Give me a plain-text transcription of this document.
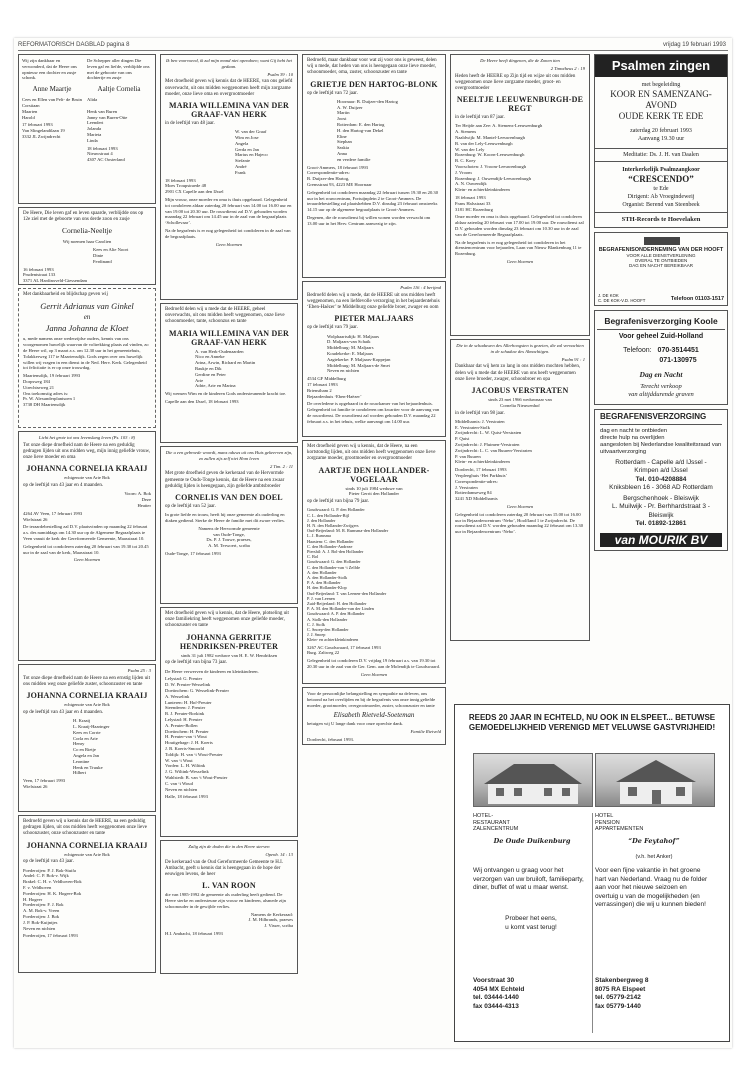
REFORMATORISCH DAGBLAD pagina 8	vrijdag 19 februari 1993

Wij zijn dankbaar en verwonderd, dat de Heere ons opnieuw een dochter en zusje schonk.

Anne Maartje

Cees en Ellen van Pelt- de Bruin
Corstiaan
Maarten
Harold

17 februari 1993
Van Slingelandtlaan 19
3332 JL Zwijndrecht

De Schepper aller dingen Die leven gaf en liefde, verblijdde ons met de geboorte van ons dochtertje en zusje

Aaltje Cornelia

Alida

Henk van Buren
Janny van Buren-Otte
Leendert
Jolanda
Marieta
Linda

18 februari 1993
Nieuwstraat 4
4307 AC Oosterland

De Heere, Die leven gaf en leven spaarde, verblijdde ons op 12e ziel met de geboorte van ons derde zoon en zusje

Cornelia-Neeltje

Wij noemen haar Carolien

Kees en Alie Noort
Dinie
Ferdinand

16 februari 1993
Prudentstraat 133
3371 AL Hardinxveld-Giessendam

Met dankbaarheid en blijdschap geven wij

Gerrit Adrianus van Ginkel
en
Janna Johanna de Kloet

u, mede namens onze wederzijdse ouders, kennis van ons voorgenomen huwelijk waarvan de voltrekking plaats zal vinden, zo de Heere wil, op 3 maart a.s. om 12.30 uur in het gemeentehuis, Tolakkerweg 117 te Maartensdijk. Gods zegen over ons huwelijk willen wij vragen in een dienst in de Ned. Herv. Kerk. Gelegenheid tot felicitatie is er op onze trouwdag.

Maartensdijk, 19 februari 1993
Dorpsweg 184
Utrechtseweg 21
Ons toekomstig adres is:
Pr. W. Alexanderplantsoen 1
3738 DH Maartensdijk

Licht het grote tot ons levenslang leven (Ps. 103 : 8)

Tot onze diepe droefheid nam de Heere na een geduldig gedragen lijden uit ons midden weg, mijn innig geliefde vrouw, onze lieve moeder en oma

JOHANNA CORNELIA KRAAIJ

echtgenote van Arie Bok

op de leeftijd van 43 jaar en 4 maanden.

Voorn: A. Bok
Deze
Heatter

4264 AV Veen, 17 februari 1993
Wielstraat 26

De teraardebestelling zal D.V. plaatsvinden op maandag 22 februari a.s. des namiddags om 14.30 uur op de Algemene Begraafplaats te Veen vanuit de kerk der Gereformeerde Gemeente, Maasstraat 10.

Gelegenheid tot condoleren zaterdag 20 februari van 19.30 tot 20.45 uur in de zaal van de kerk, Maasstraat 10.

Geen bloemen

Psalm 25 : 3

Tot onze diepe droefheid nam de Heere na een ernstig lijden uit ons midden weg onze geliefde zuster, schoonzuster en tante

JOHANNA CORNELIA KRAAIJ

echtgenote van Arie Bok

op de leeftijd van 43 jaar en 4 maanden.

H. Kraaij
L. Kraaij-Haaringer
Kees en Corrie
Corla en Arie
Henry
Co en Rietje
Angela en Jan
Leontine
Henk en Truuke
Hilbert

Veen, 17 februari 1993
Wielstraat 26

Bedroefd geven wij u kennis dat de HEERE, na een geduldig gedragen lijden, uit ons midden heeft weggenomen onze lieve schoonzuster, onze schoonzuster en tante

JOHANNA CORNELIA KRAAIJ

echtgenote van Arie Bok

op de leeftijd van 43 jaar.

Poederoijen: P. J. Bok-Stuifa
Andel: C. P. Bok-v. Wijk
Brakel: C. H. v. Veldhoven-Bok
F. v. Veldhoven
Poederoijen: H. K. Hogeer-Bok
H. Hogeer
Poederoijen: F. J. Bok
A. M. Bok-v. Vreen
Poederoijen: J. Bok
J. P. Bok-Kuijntjes
Neven en nichten

Poederoijen, 17 februari 1993

Ik ben voorvoeed, ik zal mijn mond niet opendoen; want Gij hebt het gedaan.

Psalm 39 : 10

Met droefheid geven wij kennis dat de HEERE, van ons geliefd onverwacht, uit ons midden weggenomen heeft mijn zorgzame moeder, onze lieve oma en overgrootmoeder

MARIA WILLEMINA VAN DER GRAAF-VAN HERK

in de leeftijd van 48 jaar.

W. van der Graaf
Wim en Jose
Angela
Gerda en Jan
Marius en Hajeco
Stefanie
André
Frank

18 februari 1993
Moes Troupstraede 48
2901 CX Capelle aan den IJssel

Mijn vrouw, onze moeder en oma is thuis opgebaard. Gelegenheid tot condoleren aldaar zaterdag 20 februari van 14.00 tot 16.00 uur en van 19.00 tot 20.30 uur. De rouwdienst zal D.V. gehouden worden maandag 22 februari om 14.45 uur in de zaal van de begraafplaats ‘Schollevaar’.

Na de begrafenis is er nog gelegenheid tot condoleren in de zaal van de begraafplaats.

Geen bloemen

Bedroefd delen wij u mede dat de HEERE, geheel onverwachts, uit ons midden heeft weggenomen, onze lieve schoonmoeder, tante, schoonzus en tante

MARIA WILLEMINA VAN DER GRAAF-VAN HERK

A. van Herk-Oudenaarden
Nico en Anneke
Arina, Arwin, Richard en Martin
Baukje en Dik
Gerdine en Peter
Arie
Adrie, Arie en Marina

Wij wensen Wim en de kinderen Gods ondersteunende kracht toe.

Capelle aan den IJssel, 18 februari 1993

Die u een gebroede woordt, mans oduws uit ons Huis gekeerven zijn, zo zullen zijs zelf niet Hom leven

2 Tim. 2 : 11

Met grote droefheid geven de kerkeraad van de Hervormde gemeente te Ouds-Tonge kennis, dat de Heere na een zwaar geduldig lijden is heengegaan, zijn geliefde ambtsbroeder

CORNELIS VAN DEN DOEL

op de leeftijd van 52 jaar.

In grote liefde en trouw, heeft hij onze gemeente als ouderling en diaken gediend. Sterke de Heere de familie met dit zware verlies.

Namens de Hervormde gemeente
van Oude-Tonge,
Ds. P. J. Touwe, praeses,
A. M. Terwoert, scriba

Oude-Tonge, 17 februari 1993

Met droefheid geven wij u kennis, dat de Heere, plotseling uit onze familiekring heeft weggenomen onze geliefde moeder, schoonzuster en tante

JOHANNA GERRITJE HENDRIKSEN-PREUTER

sinds 31 juli 1982 weduwe van H. E. W. Hendriksen

op de leeftijd van bijna 73 jaar.

De Heere verwerven de kinderen en kleinkinderen.

Lelystad: G. Preuter
D. W. Preuter-Wesselink
Doetinchem: G. Wesselink-Preuter
A. Wesselink
Lunteren: H. Hof-Preuter
Steenderen: J. Preuter
B. J. Preuter-Borkink
Lelystad: H. Preuter
A. Preuter-Bollen
Doetinchem: H. Preuter
H. Preuter-van ‘t Wout
Houtigehage: J. H. Koerts
J. B. Koerts-Smoorld
Toldijk: H. van ‘t Wout-Preuter
W. van ‘t Wout
Vorden: L. H. Wiltink
J. G. Wiltink-Wesselink
Wahlstedt: B. van ‘t Wout-Preuter
C. van ‘t Woud
Neven en nichten

Halle, 18 februari 1993

Zalig zijn de doden die in den Heere sterven

Openb. 14 : 13

De kerkeraad van de Oud Gereformeerde Gemeente te H.I. Ambacht, geeft u kennis dat is heengegaan in de hope der eeuwigen levens, de heer

L. VAN ROON

die van 1985-1992 de gemeente als ouderling heeft gediend. De Heere sterke en ondersteune zijn vrouw en kinderen, alsmede zijn schoonouder in de gewijlde verlies.

Namens de Kerkeraad:
J. M. Hilbrands, praeses
J. Visser, scriba

H.I. Ambacht, 18 februari 1993

Bedroefd, maar dankbaar voor wat zij voor ons is geweest, delen wij u mede, dat heden van ons is heengegaan onze lieve moeder, schoonmoeder, oma, zuster, schoonzuster en tante

GRIETJE DEN HARTOG-BLONK

op de leeftijd van 72 jaar.

Hoornaar: B. Duijzer-den Hartog
A. W. Duijzer
Martin
Joost
Rotterdam: E. den Hartog
H. den Hartog-van Dekel
Eline
Stephan
Saskia
Anna
en verdere familie

Groot-Ammers, 18 februari 1993
Correspondentie-adres:
B. Duijzer-den Hartog,
Grensstraat 93, 4223 ME Hoornaar

Gelegenheid tot condoleren maandag 22 februari tussen 19.30 en 20.30 uur in het rouwcentrum, Fortuijnplein 2 te Groot-Ammers. De teraardebestelling zal plaatshebben D.V. dinsdag 23 februari omstreeks 14.15 uur op de algemene begraafplaats te Groot-Ammers.

Degenen, die de rouwdienst bij willen wonen worden verwacht om 13.00 uur in het Herv. Centrum aanwezig te zijn.

Psalm 116 : 4 berijmd

Bedroefd delen wij u mede, dat de HEERE uit ons midden heeft weggenomen, na een liefdevolle verzorging in het bejaardentehuis ‘Eben-Haëzer’ te Middelburg onze geliefde broer, zwager en oom

PIETER MALJAARS

op de leeftijd van 79 jaar.

Wolphaartsdijk: H. Maljaars
D. Maljaars-van Schaik
Middelburg: M. Maljaars
Koudekerke: E. Maljaars
Aagtekerke: P. Maljaars-Koppejan
Middelburg: M. Maljaars-de Smet
Neven en nichten

4534 GF Middelburg
17 februari 1993
Brienstham 2
Bejaardenhuis ‘Eben-Haëzer’

De overledene is opgebaard in de rouwkamer van het bejaardenhuis. Gelegenheid tot familie te condoleren om kwartier voor de aanvang van de rouwdienst. De rouwdienst zal worden gehouden D.V. maandag 22 februari a.s. in het tehuis, welke aanvangt om 14.00 uur.

Met droefheid geven wij u kennis, dat de Heere, na een kortstondig lijden, uit ons midden heeft weggenomen onze lieve zorgzame moeder, grootmoeder en overgrootmoeder

AARTJE DEN HOLLANDER-VOGELAAR

sinds 10 juli 1984 weduwe van
Pieter Gerrit den Hollander

op de leeftijd van bijna 79 jaar.

Goudswaard: G. P. den Hollander
C. L. den Hollander-Bijl
J. den Hollander
H. N. den Hollander-Zwijgers
Oud-Beijerland: M. R. Rumsma-den Hollander
L. J. Rumsma
Haastem: C. den Hollander
C. den Hollander-Andreae
Piershil: A. J. Bol-den Hollander
C. Bol
Goudswaard: G. den Hollander
C. den Hollander-van ‘t Zelfde
A. den Hollander
A. den Hollander-Stolk
P. A. den Hollander
H. den Hollander-Klop
Oud-Beijerland: T. van Leenen-den Hollander
P. J. van Leenen
Zuid-Beijerland: H. den Hollander
P. A. M. den Hollander-van der Linden
Goudswaard: A. P. den Hollander
A. Stolk-den Hollander
C. J. Stolk
C. Snoep-den Hollander
J. J. Snoep
Klein- en achterkleinkinderen

3267 AC Goudswaard, 17 februari 1993
Burg. Zaltweg 22

Gelegenheid tot condoleren D.V. vrijdag 19 februari a.s. van 19.30 tot 20.30 uur in de zaal van de Ger. Gem. aan de Molendijk te Goudswaard.

Geen bloemen

Voor de persoonlijke belangstelling en sympathie na deleven, ons betoond na het overlijden en bij de begrafenis van onze innig geliefde moeder, grootmoeder, overgrootmoeder, zuster, schoonzuster en tante

Elisabeth Rietveld-Soeteman

betuigen wij U lange dank voor onze oprechte dank.

Familie Rietveld

Dordrecht, februari 1993.

De Heere heeft dingenen, die de Zonen tten

2 Timotheus 2 : 19

Heden heeft de HEERE op Zijn tijd en wijze uit ons midden weggenomen onze lieve zorgzame moeder, groot- en overgrootmoeder

NEELTJE LEEUWENBURGH-DE REGT

in de leeftijd van 87 jaar.

Ter Heijde aan Zee: A. Siemens-Leeuwenburgh
A. Siemens
Naaldwijk: M. Mantel-Leeuwenburgh
B. van der Lely-Leeuwenburgh
W. van der Lely
Rozenburg: W. Koorn-Leeuwenburgh
B. C. Koey
Voorschoten: J. Vroom-Leeuwenburgh
J. Vroom
Rozenburg: J. Ouwendijk-Leeuwenburgh
A. N. Ouwendijk
Klein- en achterkleinkinderen

18 februari 1993
Frans Halsstraat 33
3181 HC Rozenburg

Onze moeder en oma is thuis opgebaard. Gelegenheid tot condoleren aldaar zaterdag 20 februari van 17.00 tot 19.00 uur. De rouwdienst zal D.V. gehouden worden dinsdag 23 februari om 10.30 uur in de zaal van de Gereformeerde Begraafplaats.

Na de begrafenis is er nog gelegenheid tot condoleren in het dienstencentrum voor bejaarden, Laan van Nieuw Blankenburg 11 te Rozenburg.

Geen bloemen

Die in de schaduwen des Allerhoogsten is gezeten, die zal vernachten in de schaduw des Almachtigen.

Psalm 91 : 1

Dankbaar dat wij hem zo lang in ons midden mochten hebben, delen wij u mede dat de HEERE van ons heeft weggenomen onze lieve broeder, zwager, schoonbroer en opa

JACOBUS VERSTRATEN

sinds 23 mei 1966 weduwnaar van
Cornelia Nieuwenhof

in de leeftijd van 98 jaar.

Middelharnis: J. Verstraten
E. Verstraten-Stolk
Zwijndrecht: L. W. Quist-Verstraten
P. Quist
Zwijndrecht: J. Pluimen-Verstraten
Zwijndrecht: L. C. van Buuren-Verstraten
P. van Buuren
Klein- en achterkleinkinderen

Dordrecht, 17 februari 1993
Verpleeghuis ‘Het Parkhuis’
Correspondentie-adres:
J. Verstraten
Rotterdamseweg 84
3241 XD Middelharnis

Geen bloemen

Gelegenheid tot condoleren zaterdag 20 februari van 15.00 tot 16.00 uur in Bejaardencentrum ‘Nebo’, Hoolfland 1 te Zwijndrecht. De rouwdienst zal D.V. worden gehouden maandag 22 februari om 13.30 uur in Bejaardencentrum ‘Nebo’.

Psalmen zingen
met begeleiding
KOOR EN SAMENZANG-AVOND
OUDE KERK TE EDE
zaterdag 20 februari 1993
Aanvang 19.30 uur
Meditatie: Ds. J. H. van Daalen
Interkerkelijk Psalmzangkoor
“CRESCENDO”
te Ede
Dirigent: Ab Vroegindeweij
Organist: Berend van Steenbeek
STH-Records te Hoevelaken
BEGRAFENISONDERNEMING VAN DER HOOFT
VOOR ALLE DIENSTVERLENING
OVERAL TE ONTBIEDEN
DAG EN NACHT BEREIKBAAR
J. DE KOK
C. DE KOK-V.D. HOOFT	Telefoon 01103-1517
Begrafenisverzorging Koole
Voor geheel Zuid-Holland
Telefoon: 070-3514451
071-130975
Dag en Nacht
Terecht verkoop
van altijddurende graven
BEGRAFENISVERZORGING
dag en nacht te ontbieden
directe hulp na overlijden
aangesloten bij Nederlandse kwaliteitsraad van uitvaartverzorging
Rotterdam - Capelle a/d IJssel -
Krimpen a/d IJssel
Tel. 010-4208884
Kniksbleen 16 - 3068 AD Rotterdam
Bergschenhoek - Bleiswijk
L. Muilwijk - Pr. Berhhardstraat 3 -
Bleiswijk
Tel. 01892-12861
van MOURIK BV
REEDS 20 JAAR IN ECHTELD, NU OOK IN ELSPEET... BETUWSE GEMOEDELIJKHEID VERENIGD MET VELUWSE GASTVRIJHEID!
HOTEL-
RESTAURANT
ZALENCENTRUM
HOTEL
PENSION
APPARTEMENTEN
De Oude Duikenburg	“De Feytahof”
(v.h. het Anker)
Wij ontvangen u graag voor het verzorgen van uw bruiloft, familieparty, diner, buffet of wat u maar wenst.
Voor een fijne vakantie in het groene hart van Nederland. Vraag nu de folder aan voor het nieuwe seizoen en overtuig u van de mogelijkheden (en verrassingen) die wij u kunnen bieden!
Probeer het eens,
u komt vast terug!
Voorstraat 30
4054 MX Echteld
tel. 03444-1440
fax 03444-4313
Stakenbergweg 8
8075 RA Elspeet
tel. 05779-2142
fax 05779-1440
